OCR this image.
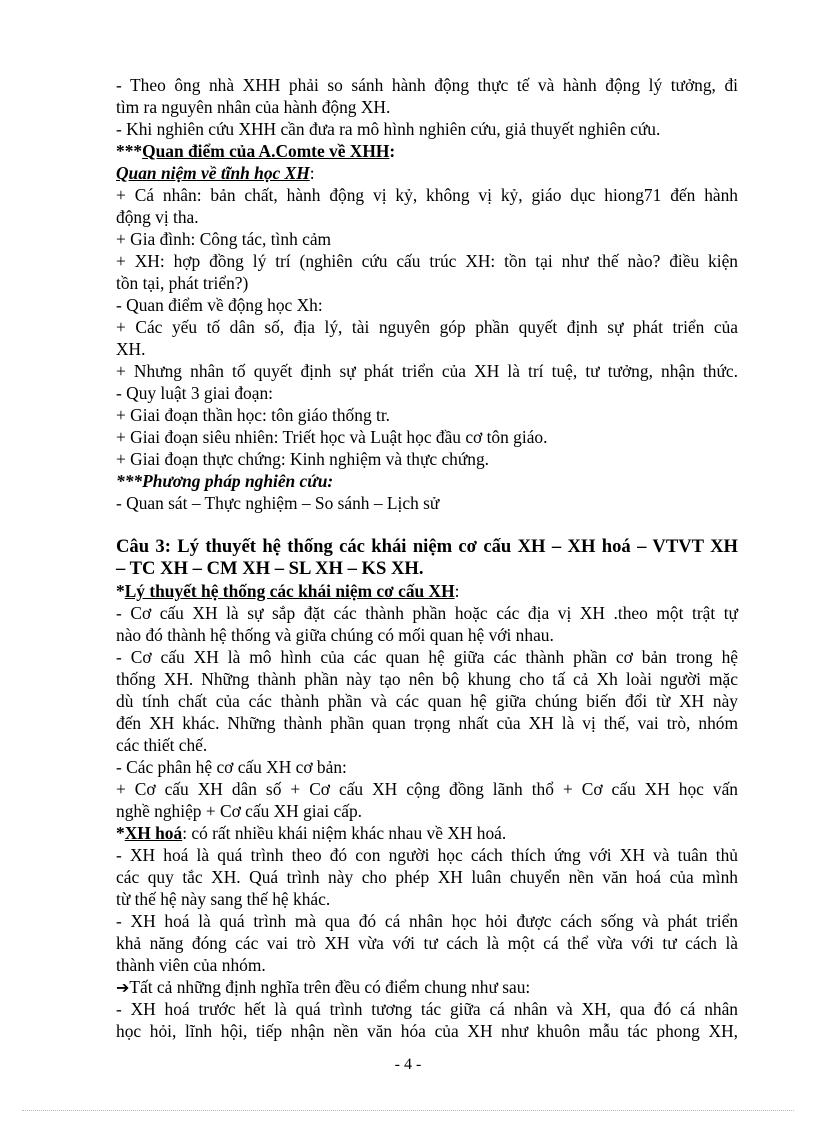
- Theo ông nhà XHH phải so sánh hành động thực tế và hành động lý tưởng, đi
tìm ra nguyên nhân của hành động XH.
- Khi nghiên cứu XHH cần đưa ra mô hình nghiên cứu, giả thuyết nghiên cứu.
***Quan điểm của A.Comte về XHH:
Quan niệm về tĩnh học XH:
+ Cá nhân: bản chất, hành động vị kỷ, không vị kỷ, giáo dục hiong71 đến hành
động vị tha.
+ Gia đình: Công tác, tình cảm
+ XH: hợp đồng lý trí (nghiên cứu cấu trúc XH: tồn tại như thế nào? điều kiện
tồn tại, phát triển?)
- Quan điểm về động học Xh:
+ Các yếu tố dân số, địa lý, tài nguyên góp phần quyết định sự phát triển của
XH.
+ Nhưng nhân tố quyết định sự phát triển của XH là trí tuệ, tư tưởng, nhận thức.
- Quy luật 3 giai đoạn:
+ Giai đoạn thần học: tôn giáo thống tr.
+ Giai đoạn siêu nhiên: Triết học và Luật học đầu cơ tôn giáo.
+ Giai đoạn thực chứng: Kinh nghiệm và thực chứng.
***Phương pháp nghiên cứu:
- Quan sát – Thực nghiệm – So sánh – Lịch sử
Câu 3: Lý thuyết hệ thống các khái niệm cơ cấu XH – XH hoá – VTVT XH
– TC XH – CM XH – SL XH – KS XH.
*Lý thuyết hệ thống các khái niệm cơ cấu XH:
- Cơ cấu XH là sự sắp đặt các thành phần hoặc các địa vị XH .theo một trật tự
nào đó thành hệ thống và giữa chúng có mối quan hệ với nhau.
- Cơ cấu XH là mô hình của các quan hệ giữa các thành phần cơ bản trong hệ
thống XH. Những thành phần này tạo nên bộ khung cho tấ cả Xh loài người mặc
dù tính chất của các thành phần và các quan hệ giữa chúng biến đổi từ XH này
đến XH khác. Những thành phần quan trọng nhất của XH là vị thế, vai trò, nhóm
các thiết chế.
- Các phân hệ cơ cấu XH cơ bản:
+ Cơ cấu XH dân số + Cơ cấu XH cộng đồng lãnh thổ + Cơ cấu XH học vấn
nghề nghiệp + Cơ cấu XH giai cấp.
*XH hoá: có rất nhiều khái niệm khác nhau về XH hoá.
- XH hoá là quá trình theo đó con người học cách thích ứng với XH và tuân thủ
các quy tắc XH. Quá trình này cho phép XH luân chuyển nền văn hoá của mình
từ thế hệ này sang thế hệ khác.
- XH hoá là quá trình mà qua đó cá nhân học hỏi được cách sống và phát triển
khả năng đóng các vai trò XH vừa với tư cách là một cá thể vừa với tư cách là
thành viên của nhóm.
➔Tất cả những định nghĩa trên đều có điểm chung như sau:
- XH hoá trước hết là quá trình tương tác giữa cá nhân và XH, qua đó cá nhân
học hỏi, lĩnh hội, tiếp nhận nền văn hóa của XH như khuôn mẫu tác phong XH,
- 4 -
